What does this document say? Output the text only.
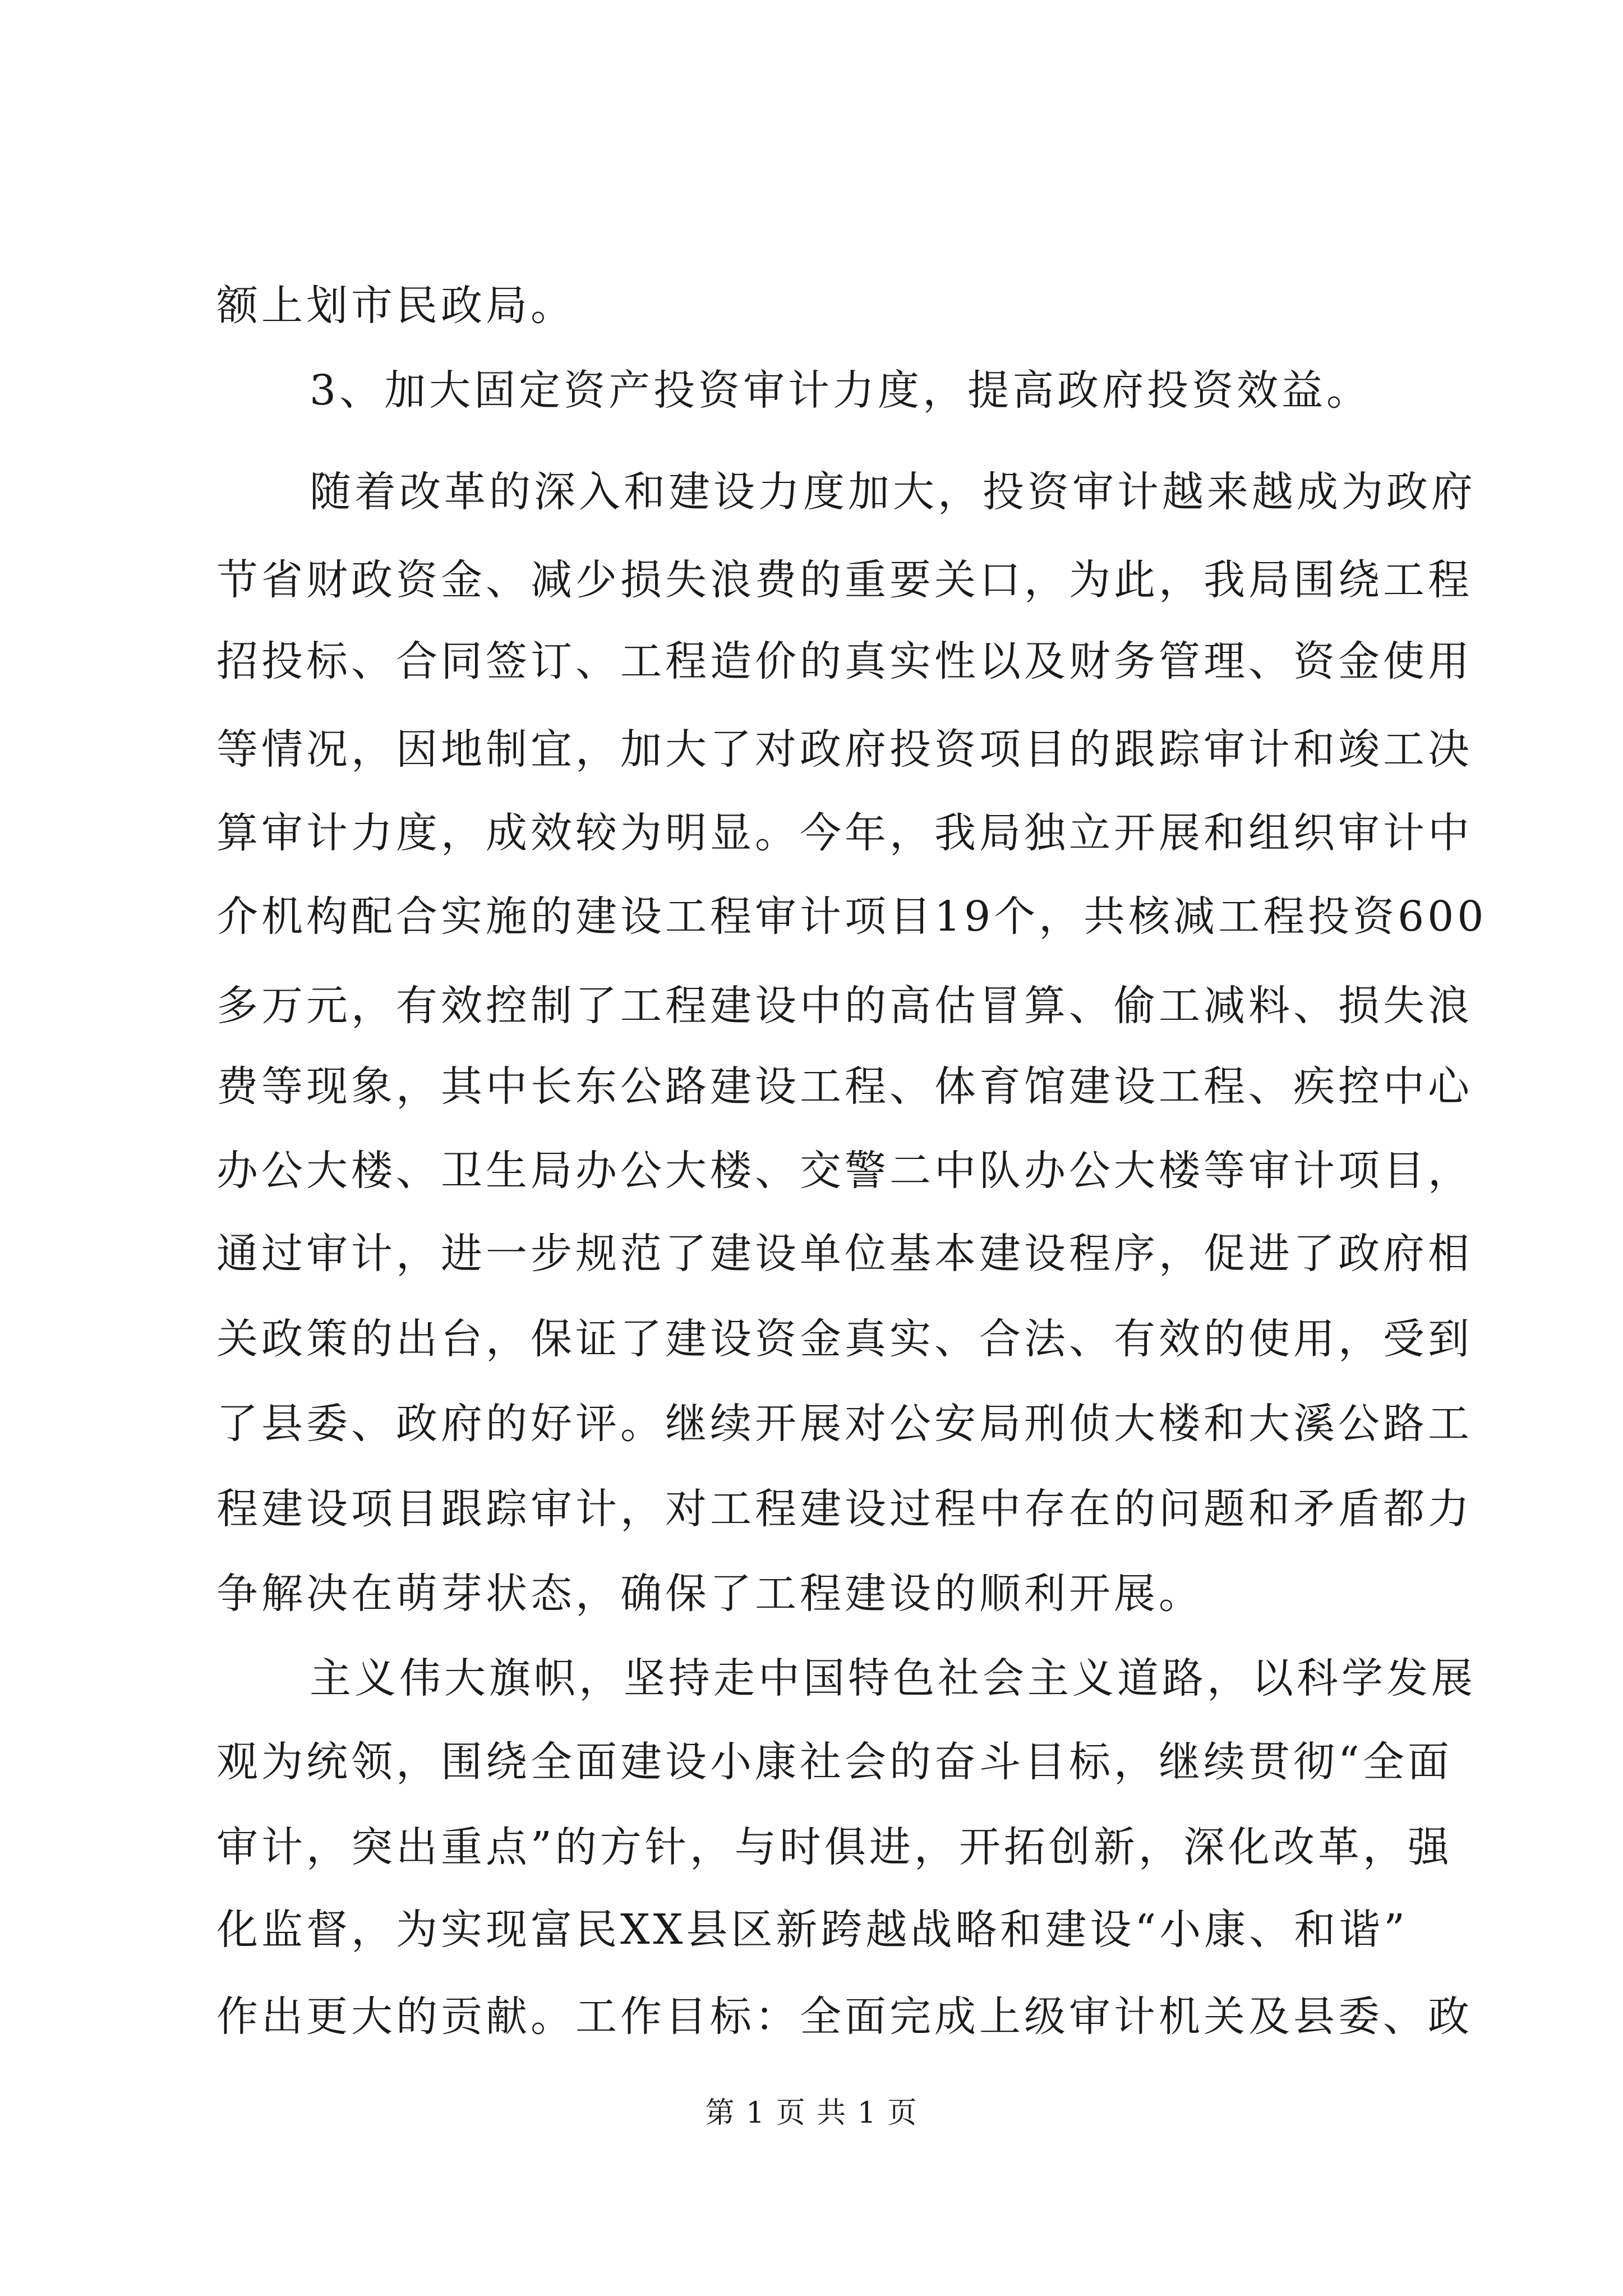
额上划市民政局。
3、加大固定资产投资审计力度，提高政府投资效益。
随着改革的深入和建设力度加大，投资审计越来越成为政府
节省财政资金、减少损失浪费的重要关口，为此，我局围绕工程
招投标、合同签订、工程造价的真实性以及财务管理、资金使用
等情况，因地制宜，加大了对政府投资项目的跟踪审计和竣工决
算审计力度，成效较为明显。今年，我局独立开展和组织审计中
介机构配合实施的建设工程审计项目19个，共核减工程投资600
多万元，有效控制了工程建设中的高估冒算、偷工减料、损失浪
费等现象，其中长东公路建设工程、体育馆建设工程、疾控中心
办公大楼、卫生局办公大楼、交警二中队办公大楼等审计项目，
通过审计，进一步规范了建设单位基本建设程序，促进了政府相
关政策的出台，保证了建设资金真实、合法、有效的使用，受到
了县委、政府的好评。继续开展对公安局刑侦大楼和大溪公路工
程建设项目跟踪审计，对工程建设过程中存在的问题和矛盾都力
争解决在萌芽状态，确保了工程建设的顺利开展。
主义伟大旗帜，坚持走中国特色社会主义道路，以科学发展
观为统领，围绕全面建设小康社会的奋斗目标，继续贯彻“全面
审计，突出重点”的方针，与时俱进，开拓创新，深化改革，强
化监督，为实现富民XX县区新跨越战略和建设“小康、和谐”
作出更大的贡献。工作目标：全面完成上级审计机关及县委、政
第 1 页 共 1 页
